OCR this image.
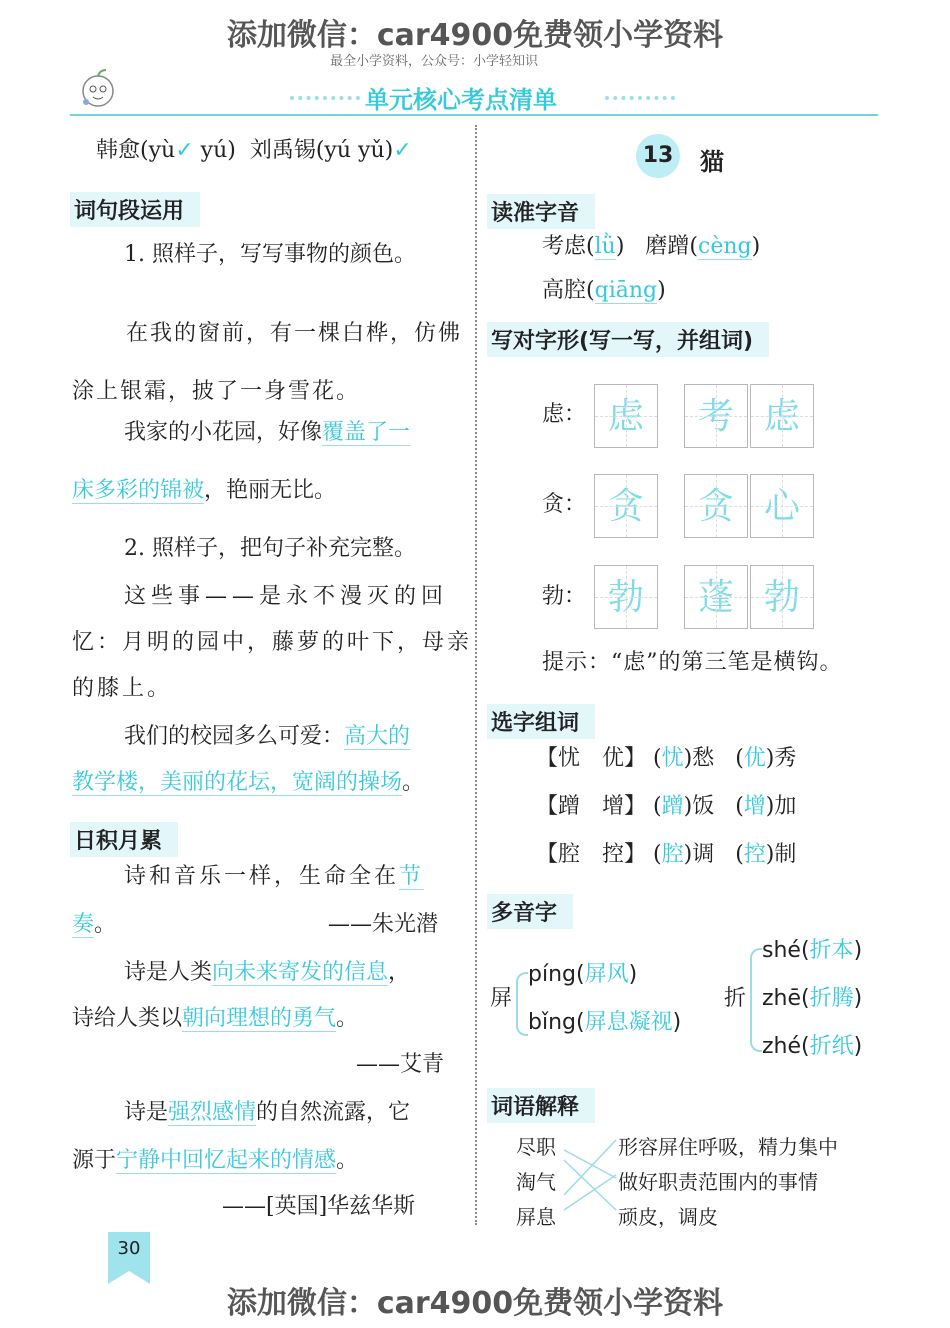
添加微信：car4900免费领小学资料
添加微信：car4900免费领小学资料
最全小学资料，公众号：小学轻知识
单元核心考点清单
韩愈(yù✓ yú) 刘禹锡(yú yǔ)✓
词句段运用
1. 照样子，写写事物的颜色。
在我的窗前，有一棵白桦，仿佛涂上银霜，披了一身雪花。
我家的小花园，好像覆盖了一
床多彩的锦被，艳丽无比。
2. 照样子，把句子补充完整。
这些事——是永不漫灭的回
忆：月明的园中，藤萝的叶下，母亲
的膝上。
我们的校园多么可爱：高大的
教学楼，美丽的花坛，宽阔的操场。
日积月累
诗和音乐一样，生命全在节
奏。	——朱光潜
诗是人类向未来寄发的信息，
诗给人类以朝向理想的勇气。
——艾青
诗是强烈感情的自然流露，它
源于宁静中回忆起来的情感。
——[英国]华兹华斯
30
13 猫
读准字音
考虑(lǜ)   磨蹭(cèng)
高腔(qiāng)
写对字形(写一写，并组词)
虑： 虑	考 虑
贪： 贪	贪 心
勃： 勃	蓬 勃
提示：“虑”的第三笔是横钩。
选字组词
【忧　优】 (忧)愁   (优)秀
【蹭　增】 (蹭)饭   (增)加
【腔　控】 (腔)调   (控)制
多音字
屏
píng(屏风)
bǐng(屏息凝视)
折
shé(折本)
zhē(折腾)
zhé(折纸)
词语解释
尽职
淘气
屏息
形容屏住呼吸，精力集中
做好职责范围内的事情
顽皮，调皮
